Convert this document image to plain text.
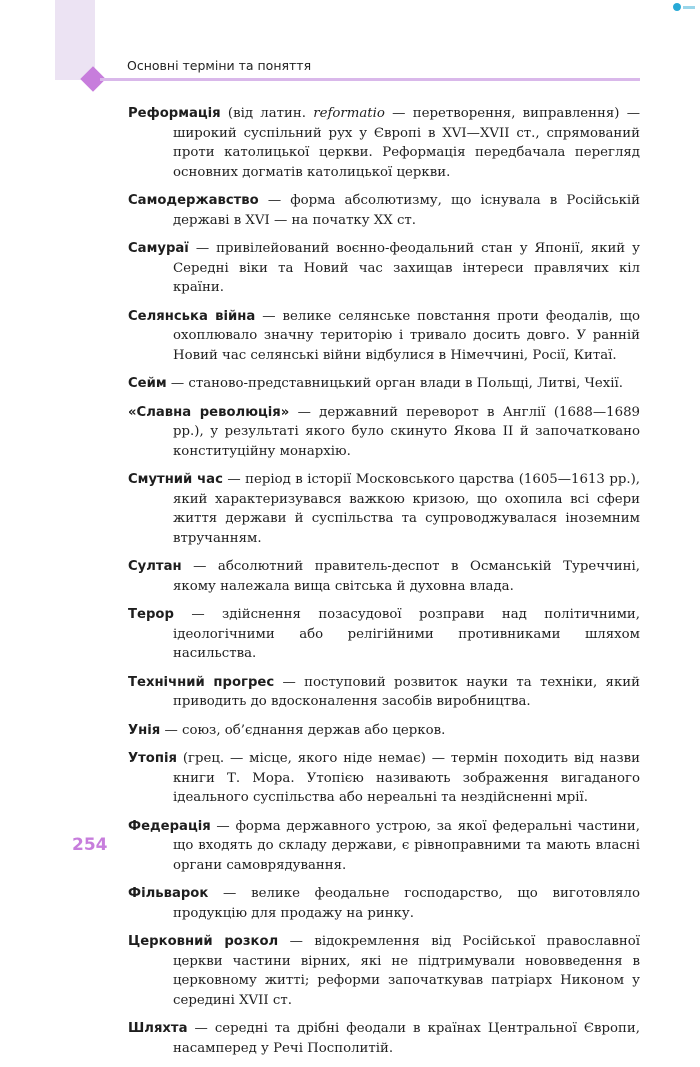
Основні терміни та поняття

Реформація (від латин. reformatio — перетворення, виправлення) — широкий суспільний рух у Європі в XVI—XVII ст., спрямований проти католицької церкви. Реформація передбачала перегляд основних догматів католицької церкви.

Самодержавство — форма абсолютизму, що існувала в Російській державі в XVI — на початку XX ст.

Самураї — привілейований воєнно-феодальний стан у Японії, який у Середні віки та Новий час захищав інтереси правлячих кіл країни.

Селянська війна — велике селянське повстання проти феодалів, що охоплювало значну територію і тривало досить довго. У ранній Новий час селянські війни відбулися в Німеччині, Росії, Китаї.

Сейм — станово-представницький орган влади в Польщі, Литві, Чехії.

«Славна революція» — державний переворот в Англії (1688—1689 рр.), у результаті якого було скинуто Якова II й започатковано конституційну монархію.

Смутний час — період в історії Московського царства (1605—1613 рр.), який характеризувався важкою кризою, що охопила всі сфери життя держави й суспільства та супроводжувалася іноземним втручанням.

Султан — абсолютний правитель-деспот в Османській Туреччині, якому належала вища світська й духовна влада.

Терор — здійснення позасудової розправи над політичними, ідеологічними або релігійними противниками шляхом насильства.

Технічний прогрес — поступовий розвиток науки та техніки, який приводить до вдосконалення засобів виробництва.

Унія — союз, об’єднання держав або церков.

Утопія (грец. — місце, якого ніде немає) — термін походить від назви книги Т. Мора. Утопією називають зображення вигаданого ідеального суспільства або нереальні та нездійсненні мрії.

Федерація — форма державного устрою, за якої федеральні частини, що входять до складу держави, є рівноправними та мають власні органи самоврядування.

Фільварок — велике феодальне господарство, що виготовляло продукцію для продажу на ринку.

Церковний розкол — відокремлення від Російської православної церкви частини вірних, які не підтримували нововведення в церковному житті; реформи започаткував патріарх Никоном у середині XVII ст.

Шляхта — середні та дрібні феодали в країнах Центральної Європи, насамперед у Речі Посполитій.

254
